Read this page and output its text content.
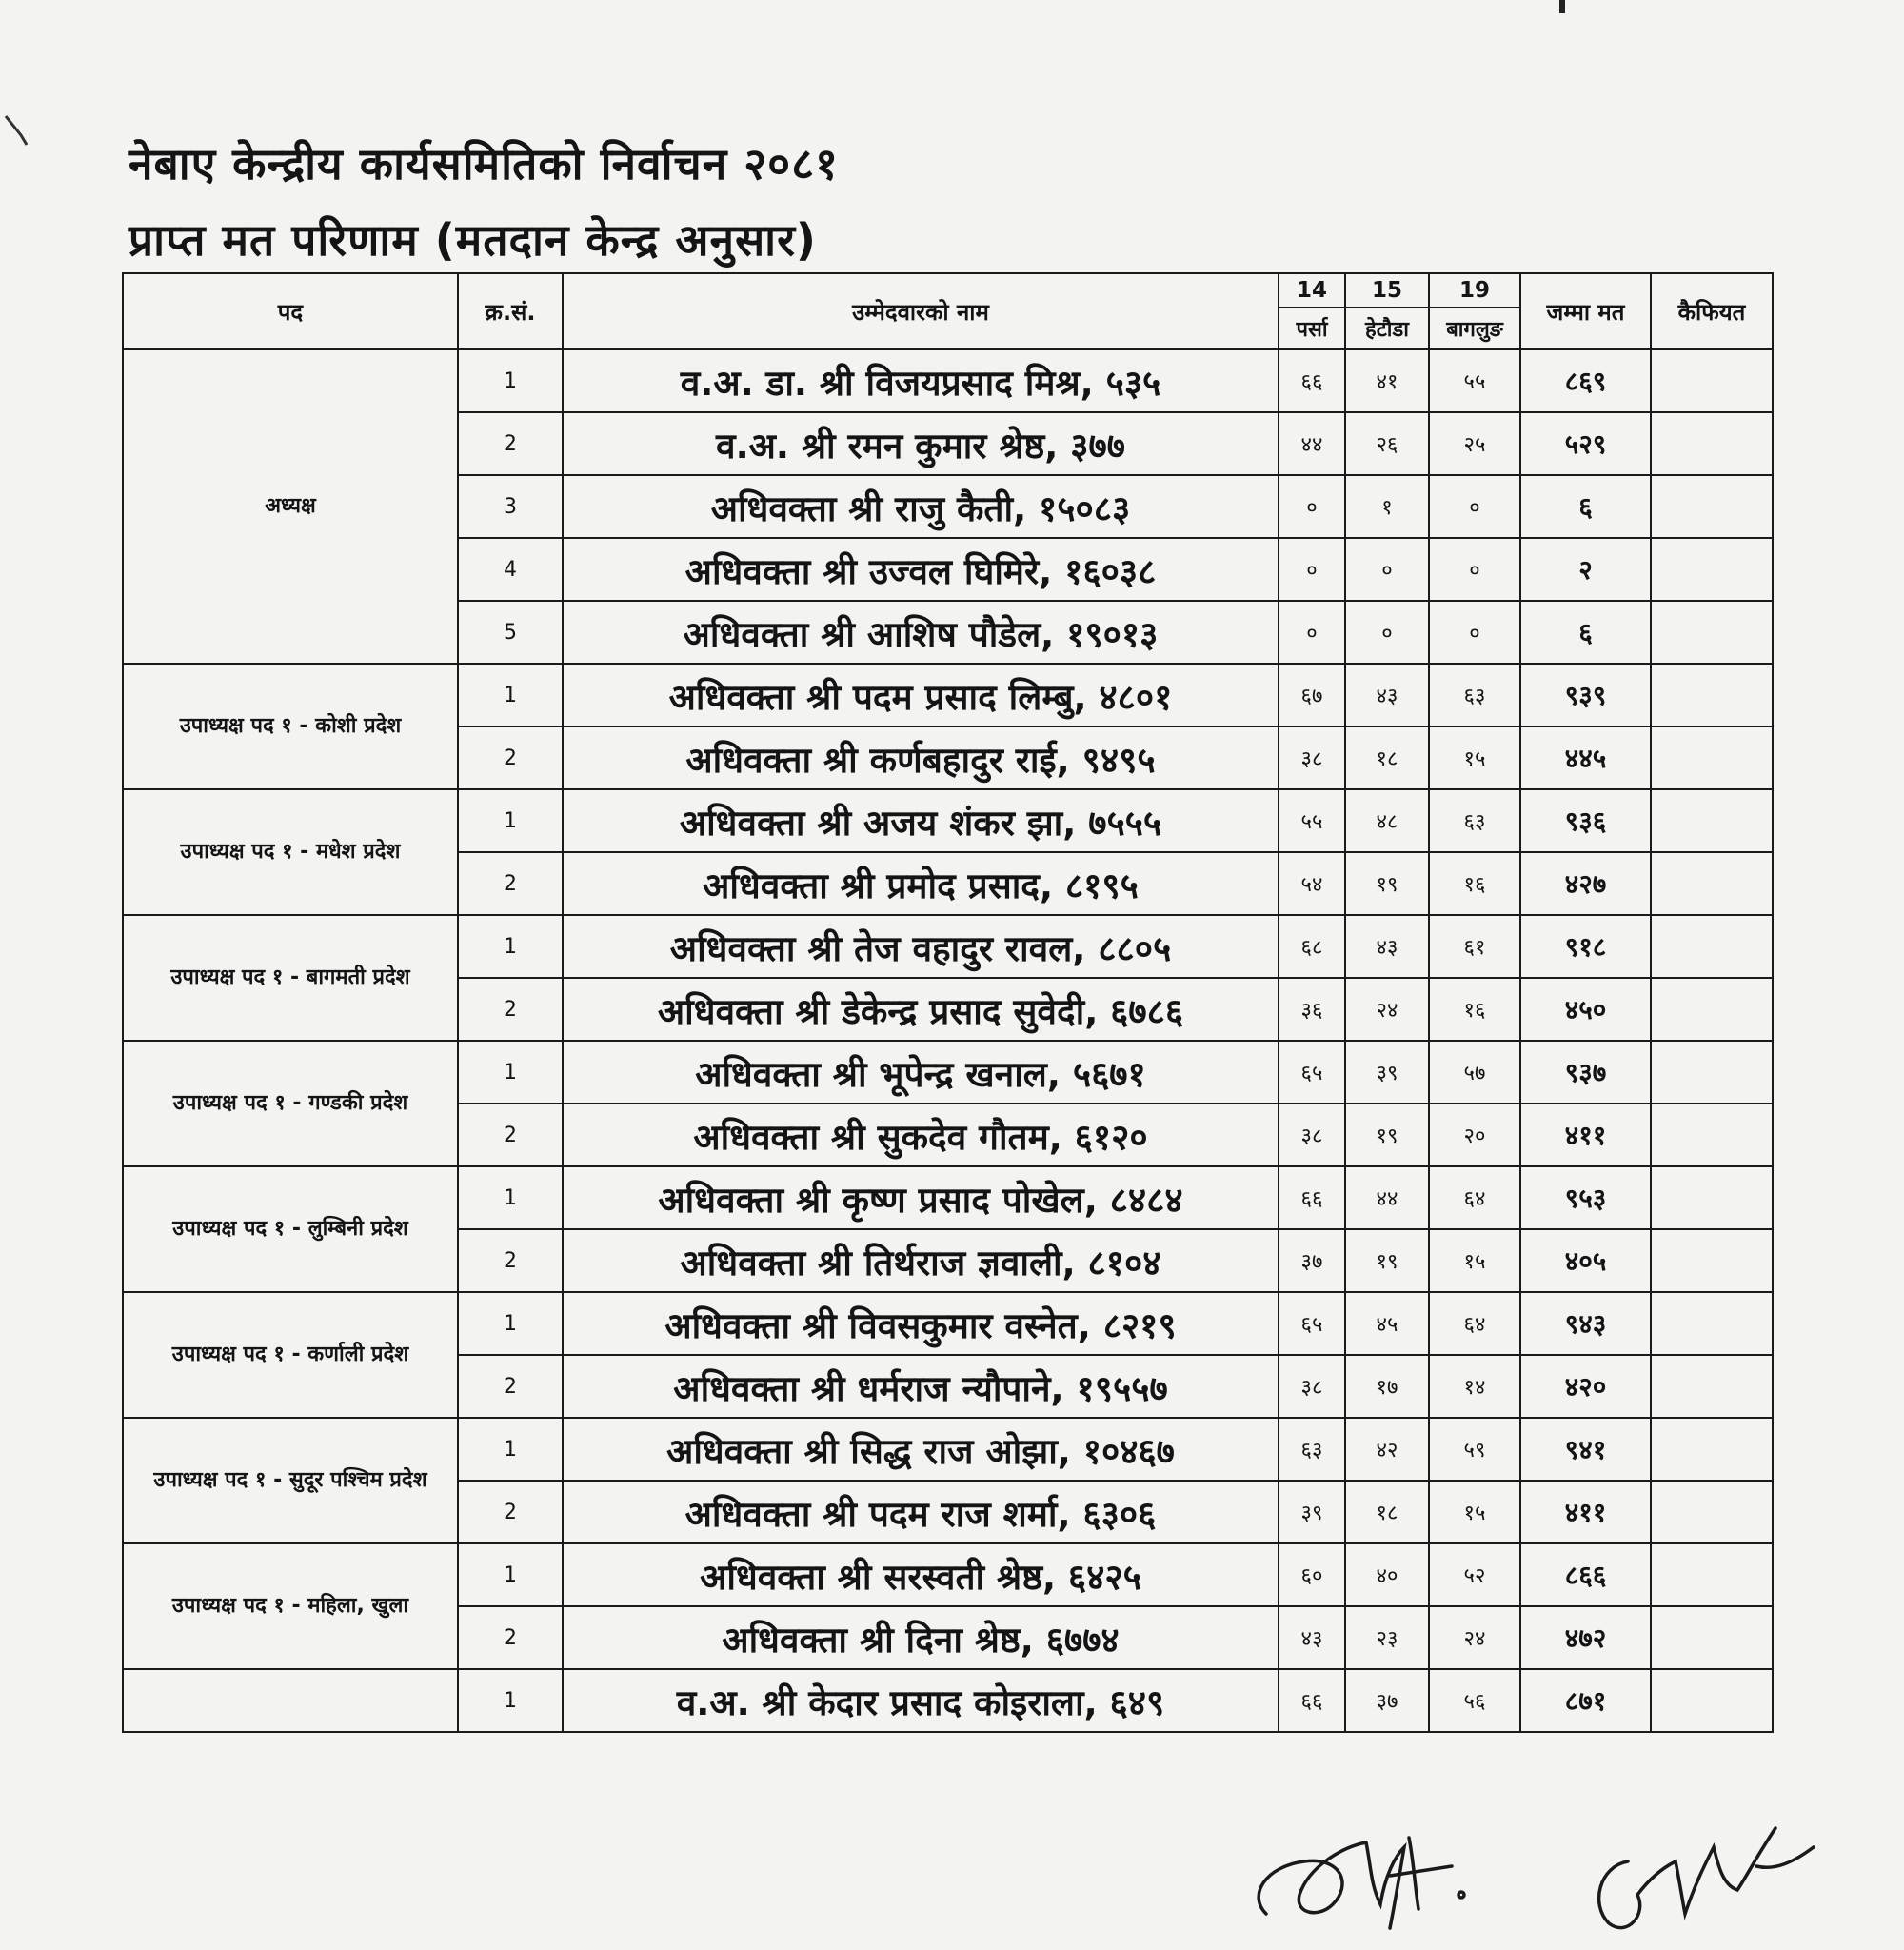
नेबाए केन्द्रीय कार्यसमितिको निर्वाचन २०८१
प्राप्त मत परिणाम (मतदान केन्द्र अनुसार)
पद	क्र.सं.	उम्मेदवारको नाम	14	15	19	जम्मा मत	कैफियत
			पर्सा	हेटौडा	बागलुङ		
अध्यक्ष	1	व.अ. डा. श्री विजयप्रसाद मिश्र, ५३५	६६	४१	५५	८६९	
	2	व.अ. श्री रमन कुमार श्रेष्ठ, ३७७	४४	२६	२५	५२९	
	3	अधिवक्ता श्री राजु कैती, १५०८३	०	१	०	६	
	4	अधिवक्ता श्री उज्वल घिमिरे, १६०३८	०	०	०	२	
	5	अधिवक्ता श्री आशिष पौडेल, १९०१३	०	०	०	६	
उपाध्यक्ष पद १ - कोशी प्रदेश	1	अधिवक्ता श्री पदम प्रसाद लिम्बु, ४८०१	६७	४३	६३	९३९	
	2	अधिवक्ता श्री कर्णबहादुर राई, ९४९५	३८	१८	१५	४४५	
उपाध्यक्ष पद १ - मधेश प्रदेश	1	अधिवक्ता श्री अजय शंकर झा, ७५५५	५५	४८	६३	९३६	
	2	अधिवक्ता श्री प्रमोद प्रसाद, ८१९५	५४	१९	१६	४२७	
उपाध्यक्ष पद १ - बागमती प्रदेश	1	अधिवक्ता श्री तेज वहादुर रावल, ८८०५	६८	४३	६१	९१८	
	2	अधिवक्ता श्री डेकेन्द्र प्रसाद सुवेदी, ६७८६	३६	२४	१६	४५०	
उपाध्यक्ष पद १ - गण्डकी प्रदेश	1	अधिवक्ता श्री भूपेन्द्र खनाल, ५६७१	६५	३९	५७	९३७	
	2	अधिवक्ता श्री सुकदेव गौतम, ६१२०	३८	१९	२०	४११	
उपाध्यक्ष पद १ - लुम्बिनी प्रदेश	1	अधिवक्ता श्री कृष्ण प्रसाद पोखेल, ८४८४	६६	४४	६४	९५३	
	2	अधिवक्ता श्री तिर्थराज ज्ञवाली, ८१०४	३७	१९	१५	४०५	
उपाध्यक्ष पद १ - कर्णाली प्रदेश	1	अधिवक्ता श्री विवसकुमार वस्नेत, ८२१९	६५	४५	६४	९४३	
	2	अधिवक्ता श्री धर्मराज न्यौपाने, १९५५७	३८	१७	१४	४२०	
उपाध्यक्ष पद १ - सुदूर पश्चिम प्रदेश	1	अधिवक्ता श्री सिद्ध राज ओझा, १०४६७	६३	४२	५९	९४१	
	2	अधिवक्ता श्री पदम राज शर्मा, ६३०६	३९	१८	१५	४११	
उपाध्यक्ष पद १ - महिला, खुला	1	अधिवक्ता श्री सरस्वती श्रेष्ठ, ६४२५	६०	४०	५२	८६६	
	2	अधिवक्ता श्री दिना श्रेष्ठ, ६७७४	४३	२३	२४	४७२	
	1	व.अ. श्री केदार प्रसाद कोइराला, ६४९	६६	३७	५६	८७१	
